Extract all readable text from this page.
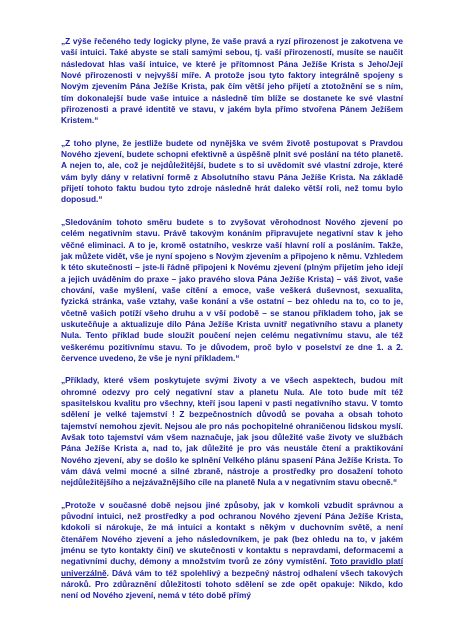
„Z výše řečeného tedy logicky plyne, že vaše pravá a ryzí přirozenost je zakotvena ve vaší intuici. Také abyste se stali samými sebou, tj. vaší přirozeností, musíte se naučit následovat hlas vaší intuice, ve které je přítomnost Pána Ježíše Krista s Jeho/Její Nové přirozenosti v nejvyšší míře. A protože jsou tyto faktory integrálně spojeny s Novým zjevením Pána Ježíše Krista, pak čím větší jeho přijetí a ztotožnění se s ním, tím dokonalejší bude vaše intuice a následně tím blíže se dostanete ke své vlastní přirozenosti a pravé identitě ve stavu, v jakém byla přímo stvořena Pánem Ježíšem Kristem.“

„Z toho plyne, že jestliže budete od nynějška ve svém životě postupovat s Pravdou Nového zjevení, budete schopni efektivně a úspěšně plnit své poslání na této planetě. A nejen to, ale, což je nejdůležitější, budete s to si uvědomit své vlastní zdroje, které vám byly dány v relativní formě z Absolutního stavu Pána Ježíše Krista. Na základě přijetí tohoto faktu budou tyto zdroje následně hrát daleko větší roli, než tomu bylo doposud.“

„Sledováním tohoto směru budete s to zvyšovat věrohodnost Nového zjevení po celém negativním stavu. Právě takovým konáním připravujete negativní stav k jeho věčné eliminaci. A to je, kromě ostatního, veskrze vaší hlavní rolí a posláním. Takže, jak můžete vidět, vše je nyní spojeno s Novým zjevením a připojeno k němu. Vzhledem k této skutečnosti – jste-li řádně připojeni k Novému zjevení (plným přijetím jeho idejí a jejich uváděním do praxe – jako pravého slova Pána Ježíše Krista) – váš život, vaše chování, vaše myšlení, vaše cítění a emoce, vaše veškerá duševnost, sexualita, fyzická stránka, vaše vztahy, vaše konání a vše ostatní – bez ohledu na to, co to je, včetně vašich potíží všeho druhu a v vší podobě – se stanou příkladem toho, jak se uskutečňuje a aktualizuje dílo Pána Ježíše Krista uvnitř negativního stavu a planety Nula. Tento příklad bude sloužit poučení nejen celému negativnímu stavu, ale též veškerému pozitivnímu stavu. To je důvodem, proč bylo v poselství ze dne 1. a 2. července uvedeno, že vše je nyní příkladem.“

„Příklady, které všem poskytujete svými životy a ve všech aspektech, budou mít ohromné odezvy pro celý negativní stav a planetu Nula. Ale toto bude mít též spasitelskou kvalitu pro všechny, kteří jsou lapeni v pasti negativního stavu. V tomto sdělení je velké tajemství ! Z bezpečnostních důvodů se povaha a obsah tohoto tajemství nemohou zjevit. Nejsou ale pro nás pochopitelné ohraničenou lidskou myslí. Avšak toto tajemství vám všem naznačuje, jak jsou důležité vaše životy ve službách Pána Ježíše Krista a, nad to, jak důležité je pro vás neustále čtení a praktikování Nového zjevení, aby se došlo ke splnění Velkého plánu spasení Pána Ježíše Krista. To vám dává velmi mocné a silné zbraně, nástroje a prostředky pro dosažení tohoto nejdůležitějšího a nejzávažnějšího cíle na planetě Nula a v negativním stavu obecně.“

„Protože v současné době nejsou jiné způsoby, jak v komkoli vzbudit správnou a původní intuici, než prostředky a pod ochranou Nového zjevení Pána Ježíše Krista, kdokoli si nárokuje, že má intuici a kontakt s někým v duchovním světě, a není čtenářem Nového zjevení a jeho následovníkem, je pak (bez ohledu na to, v jakém jménu se tyto kontakty činí) ve skutečnosti v kontaktu s nepravdami, deformacemi a negativními duchy, démony a množstvím tvorů ze zóny vymístění. Toto pravidlo platí univerzálně. Dává vám to též spolehlivý a bezpečný nástroj odhalení všech takových nároků. Pro zdůraznění důležitosti tohoto sdělení se zde opět opakuje: Nikdo, kdo není od Nového zjevení, nemá v této době přímý
